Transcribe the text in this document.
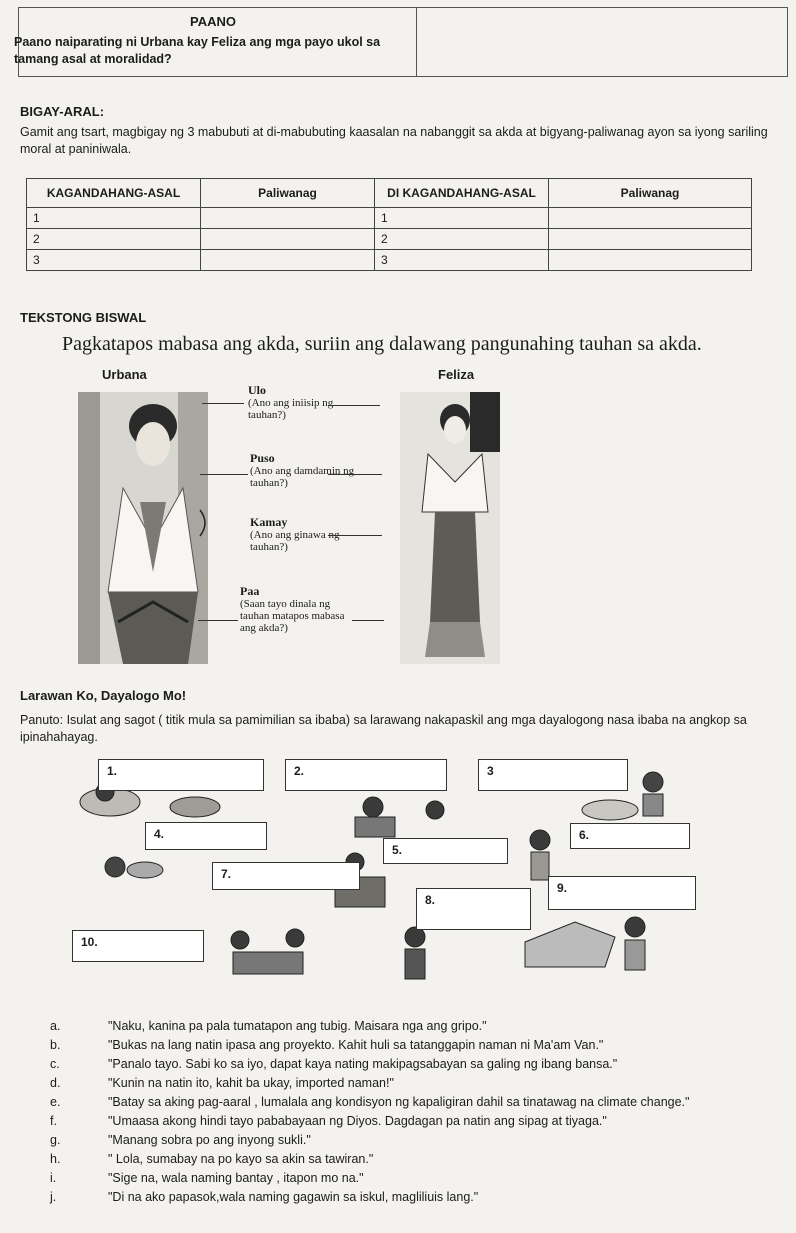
PAANO
Paano naiparating ni Urbana kay Feliza ang mga payo ukol sa tamang asal at moralidad?
BIGAY-ARAL:
Gamit ang tsart, magbigay ng 3 mabubuti at di-mabubuting kaasalan na nabanggit sa akda at bigyang-paliwanag ayon sa iyong sariling moral at paniniwala.
KAGANDAHANG-ASAL	Paliwanag	DI KAGANDAHANG-ASAL	Paliwanag
1		1	
2		2	
3		3	
TEKSTONG BISWAL
Pagkatapos mabasa ang akda, suriin ang dalawang pangunahing tauhan sa akda.
Urbana	Feliza
Ulo
(Ano ang iniisip ng tauhan?)
Puso
(Ano ang damdamin ng tauhan?)
Kamay
(Ano ang ginawa ng tauhan?)
Paa
(Saan tayo dinala ng tauhan matapos mabasa ang akda?)
Larawan Ko, Dayalogo Mo!
Panuto: Isulat ang sagot ( titik mula sa pamimilian sa ibaba) sa larawang nakapaskil ang mga dayalogong nasa ibaba na angkop sa ipinahahayag.
1.	2.	3
4.
5.
6.
7.
8.
9.
10.
a.	"Naku, kanina pa pala tumatapon ang tubig. Maisara nga ang gripo."
b.	"Bukas na lang natin ipasa ang proyekto. Kahit huli sa tatanggapin naman ni Ma'am Van."
c.	"Panalo tayo. Sabi ko sa iyo, dapat kaya nating makipagsabayan sa galing ng ibang bansa."
d.	"Kunin na natin ito, kahit ba ukay, imported naman!"
e.	"Batay sa aking pag-aaral , lumalala ang kondisyon ng kapaligiran dahil sa tinatawag na climate change."
f.	"Umaasa akong hindi tayo pababayaan ng Diyos. Dagdagan pa natin ang sipag at tiyaga."
g.	"Manang sobra po ang inyong sukli."
h.	" Lola, sumabay na po kayo sa akin sa tawiran."
i.	"Sige na, wala naming bantay , itapon mo na."
j.	"Di na ako papasok,wala naming gagawin sa iskul, magliliuis lang."
